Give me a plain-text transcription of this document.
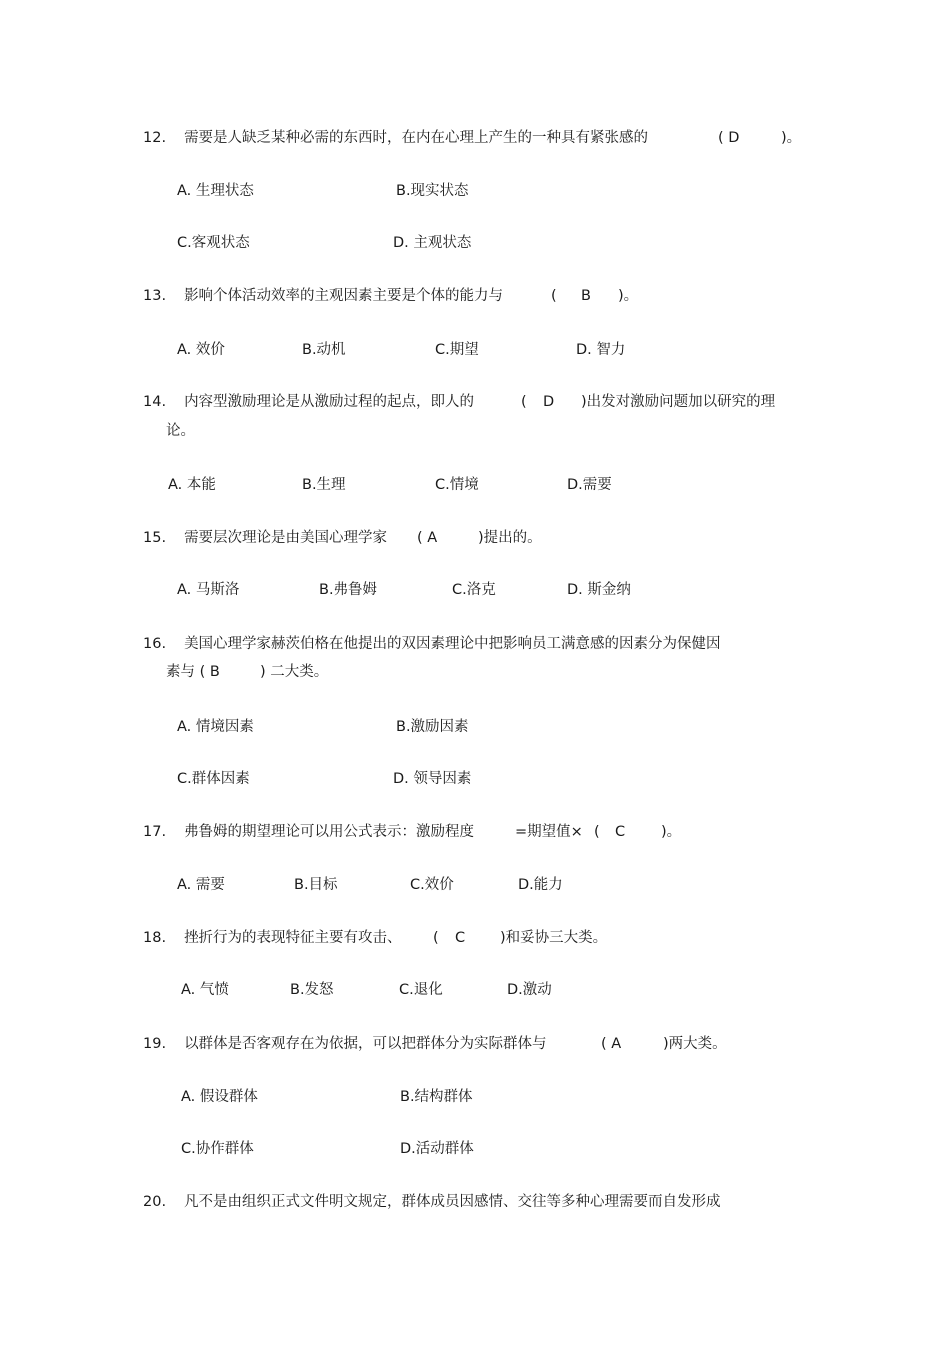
12. 需要是人缺乏某种必需的东西时，在内在心理上产生的一种具有紧张感的	( D	)。
A. 生理状态	B.现实状态
C.客观状态	D. 主观状态
13. 影响个体活动效率的主观因素主要是个体的能力与	( B )。
A. 效价	B.动机	C.期望	D. 智力
14. 内容型激励理论是从激励过程的起点，即人的	( D )出发对激励问题加以研究的理
论。
A. 本能	B.生理	C.情境	D.需要
15. 需要层次理论是由美国心理学家 ( A	)提出的。
A. 马斯洛	B.弗鲁姆	C.洛克	D. 斯金纳
16. 美国心理学家赫茨伯格在他提出的双因素理论中把影响员工满意感的因素分为保健因
素与 ( B	) 二大类。
A. 情境因素	B.激励因素
C.群体因素	D. 领导因素
17. 弗鲁姆的期望理论可以用公式表示：激励程度	=期望值× ( C )。
A. 需要	B.目标	C.效价	D.能力
18. 挫折行为的表现特征主要有攻击、 ( C )和妥协三大类。
A. 气愤	B.发怒	C.退化	D.激动
19. 以群体是否客观存在为依据，可以把群体分为实际群体与	( A	)两大类。
A. 假设群体	B.结构群体
C.协作群体	D.活动群体
20. 凡不是由组织正式文件明文规定，群体成员因感情、交往等多种心理需要而自发形成
